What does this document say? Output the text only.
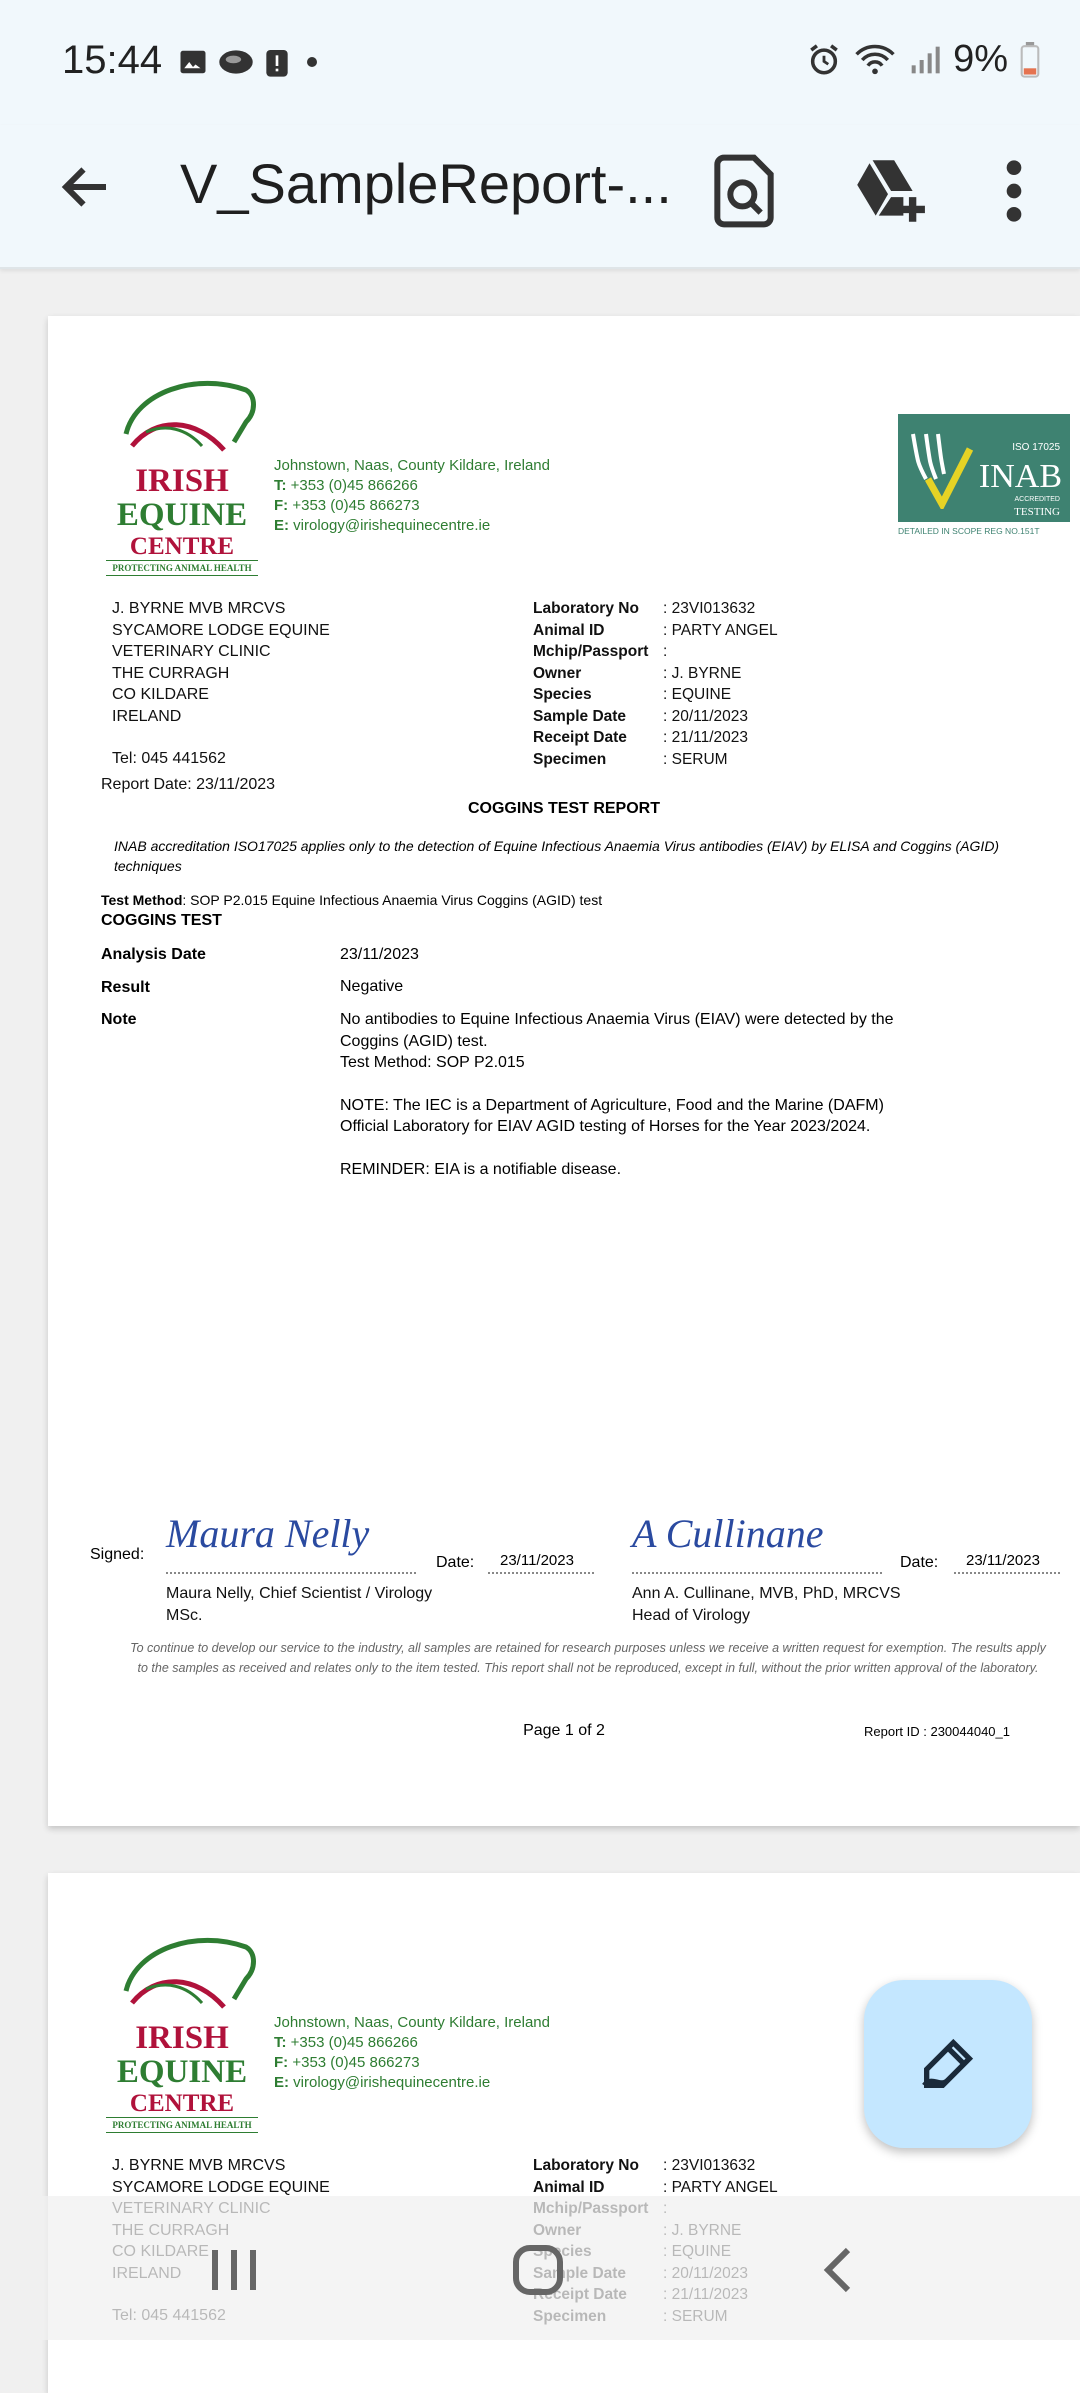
15:44	9%
V_SampleReport-...
IRISH
EQUINE
CENTRE
PROTECTING ANIMAL HEALTH
Johnstown, Naas, County Kildare, Ireland
T: +353 (0)45 866266
F: +353 (0)45 866273
E: virology@irishequinecentre.ie
ISO 17025
INAB
ACCREDITED
TESTING
DETAILED IN SCOPE REG NO.151T
J. BYRNE MVB MRCVS
SYCAMORE LODGE EQUINE
VETERINARY CLINIC
THE CURRAGH
CO KILDARE
IRELAND
Tel: 045 441562
Report Date: 23/11/2023
Laboratory No : 23VI013632
Animal ID	: PARTY ANGEL
Mchip/Passport :
Owner	: J. BYRNE
Species	: EQUINE
Sample Date : 20/11/2023
Receipt Date : 21/11/2023
Specimen	: SERUM
COGGINS TEST REPORT
INAB accreditation ISO17025 applies only to the detection of Equine Infectious Anaemia Virus antibodies (EIAV) by ELISA and Coggins (AGID) techniques
Test Method: SOP P2.015 Equine Infectious Anaemia Virus Coggins (AGID) test
COGGINS TEST
Analysis Date	23/11/2023
Result	Negative
Note	No antibodies to Equine Infectious Anaemia Virus (EIAV) were detected by the Coggins (AGID) test.
Test Method: SOP P2.015
NOTE: The IEC is a Department of Agriculture, Food and the Marine (DAFM) Official Laboratory for EIAV AGID testing of Horses for the Year 2023/2024.
REMINDER: EIA is a notifiable disease.
Signed: Maura Nelly
Date: 23/11/2023
Maura Nelly, Chief Scientist / Virology MSc.
A Cullinane
Date: 23/11/2023
Ann A. Cullinane, MVB, PhD, MRCVS
Head of Virology
To continue to develop our service to the industry, all samples are retained for research purposes unless we receive a written request for exemption. The results apply to the samples as received and relates only to the item tested. This report shall not be reproduced, except in full, without the prior written approval of the laboratory.
Page 1 of 2	Report ID : 230044040_1
IRISH
EQUINE
CENTRE
PROTECTING ANIMAL HEALTH
Johnstown, Naas, County Kildare, Ireland
T: +353 (0)45 866266
F: +353 (0)45 866273
E: virology@irishequinecentre.ie
J. BYRNE MVB MRCVS
SYCAMORE LODGE EQUINE
Laboratory No : 23VI013632
Animal ID	: PARTY ANGEL
